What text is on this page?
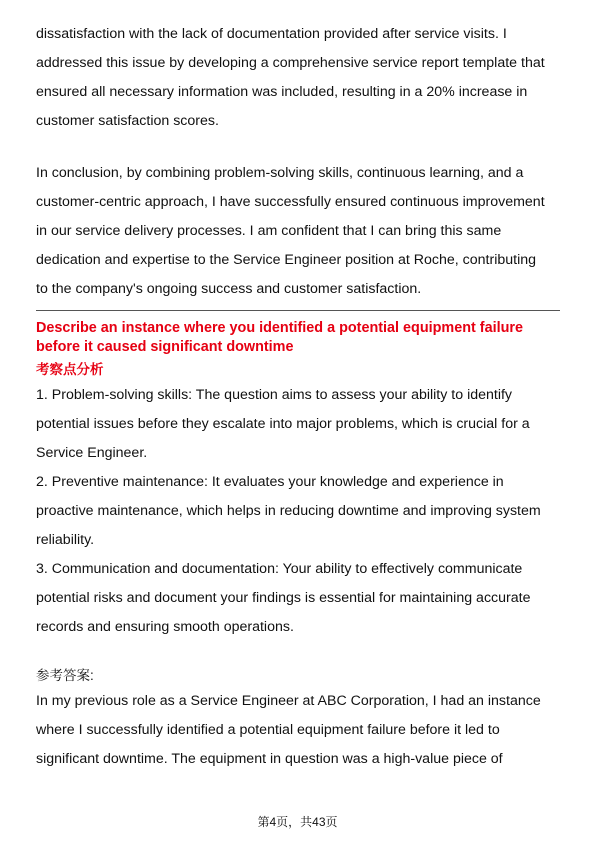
dissatisfaction with the lack of documentation provided after service visits. I
addressed this issue by developing a comprehensive service report template that
ensured all necessary information was included, resulting in a 20% increase in
customer satisfaction scores.

In conclusion, by combining problem-solving skills, continuous learning, and a
customer-centric approach, I have successfully ensured continuous improvement
in our service delivery processes. I am confident that I can bring this same
dedication and expertise to the Service Engineer position at Roche, contributing
to the company's ongoing success and customer satisfaction.

Describe an instance where you identified a potential equipment failure
before it caused significant downtime
考察点分析

1. Problem-solving skills: The question aims to assess your ability to identify
potential issues before they escalate into major problems, which is crucial for a
Service Engineer.
2. Preventive maintenance: It evaluates your knowledge and experience in
proactive maintenance, which helps in reducing downtime and improving system
reliability.
3. Communication and documentation: Your ability to effectively communicate
potential risks and document your findings is essential for maintaining accurate
records and ensuring smooth operations.

参考答案:

In my previous role as a Service Engineer at ABC Corporation, I had an instance
where I successfully identified a potential equipment failure before it led to
significant downtime. The equipment in question was a high-value piece of

第4页，共43页
